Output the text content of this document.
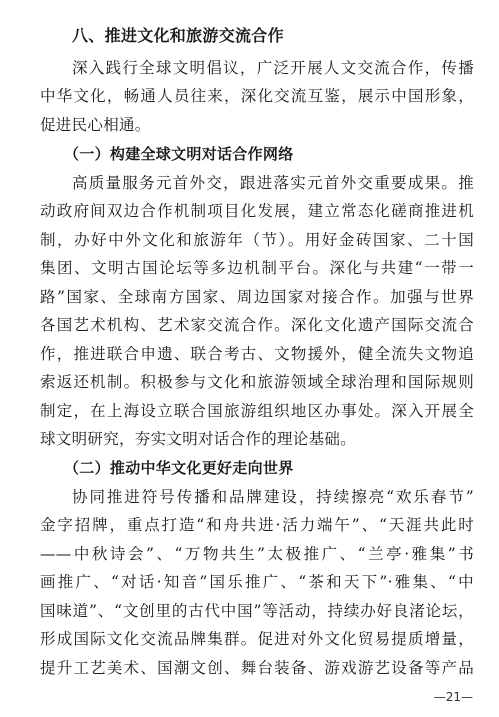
八、推进文化和旅游交流合作
深入践行全球文明倡议，广泛开展人文交流合作，传播
中华文化，畅通人员往来，深化交流互鉴，展示中国形象，
促进民心相通。
（一）构建全球文明对话合作网络
高质量服务元首外交，跟进落实元首外交重要成果。推
动政府间双边合作机制项目化发展，建立常态化磋商推进机
制，办好中外文化和旅游年（节）。用好金砖国家、二十国
集团、文明古国论坛等多边机制平台。深化与共建“一带一
路”国家、全球南方国家、周边国家对接合作。加强与世界
各国艺术机构、艺术家交流合作。深化文化遗产国际交流合
作，推进联合申遗、联合考古、文物援外，健全流失文物追
索返还机制。积极参与文化和旅游领域全球治理和国际规则
制定，在上海设立联合国旅游组织地区办事处。深入开展全
球文明研究，夯实文明对话合作的理论基础。
（二）推动中华文化更好走向世界
协同推进符号传播和品牌建设，持续擦亮“欢乐春节”
金字招牌，重点打造“和舟共进·活力端午”、“天涯共此时
——中秋诗会”、“万物共生”太极推广、“兰亭·雅集”书
画推广、“对话·知音”国乐推广、“茶和天下”·雅集、“中
国味道”、“文创里的古代中国”等活动，持续办好良渚论坛，
形成国际文化交流品牌集群。促进对外文化贸易提质增量，
提升工艺美术、国潮文创、舞台装备、游戏游艺设备等产品
—21—
